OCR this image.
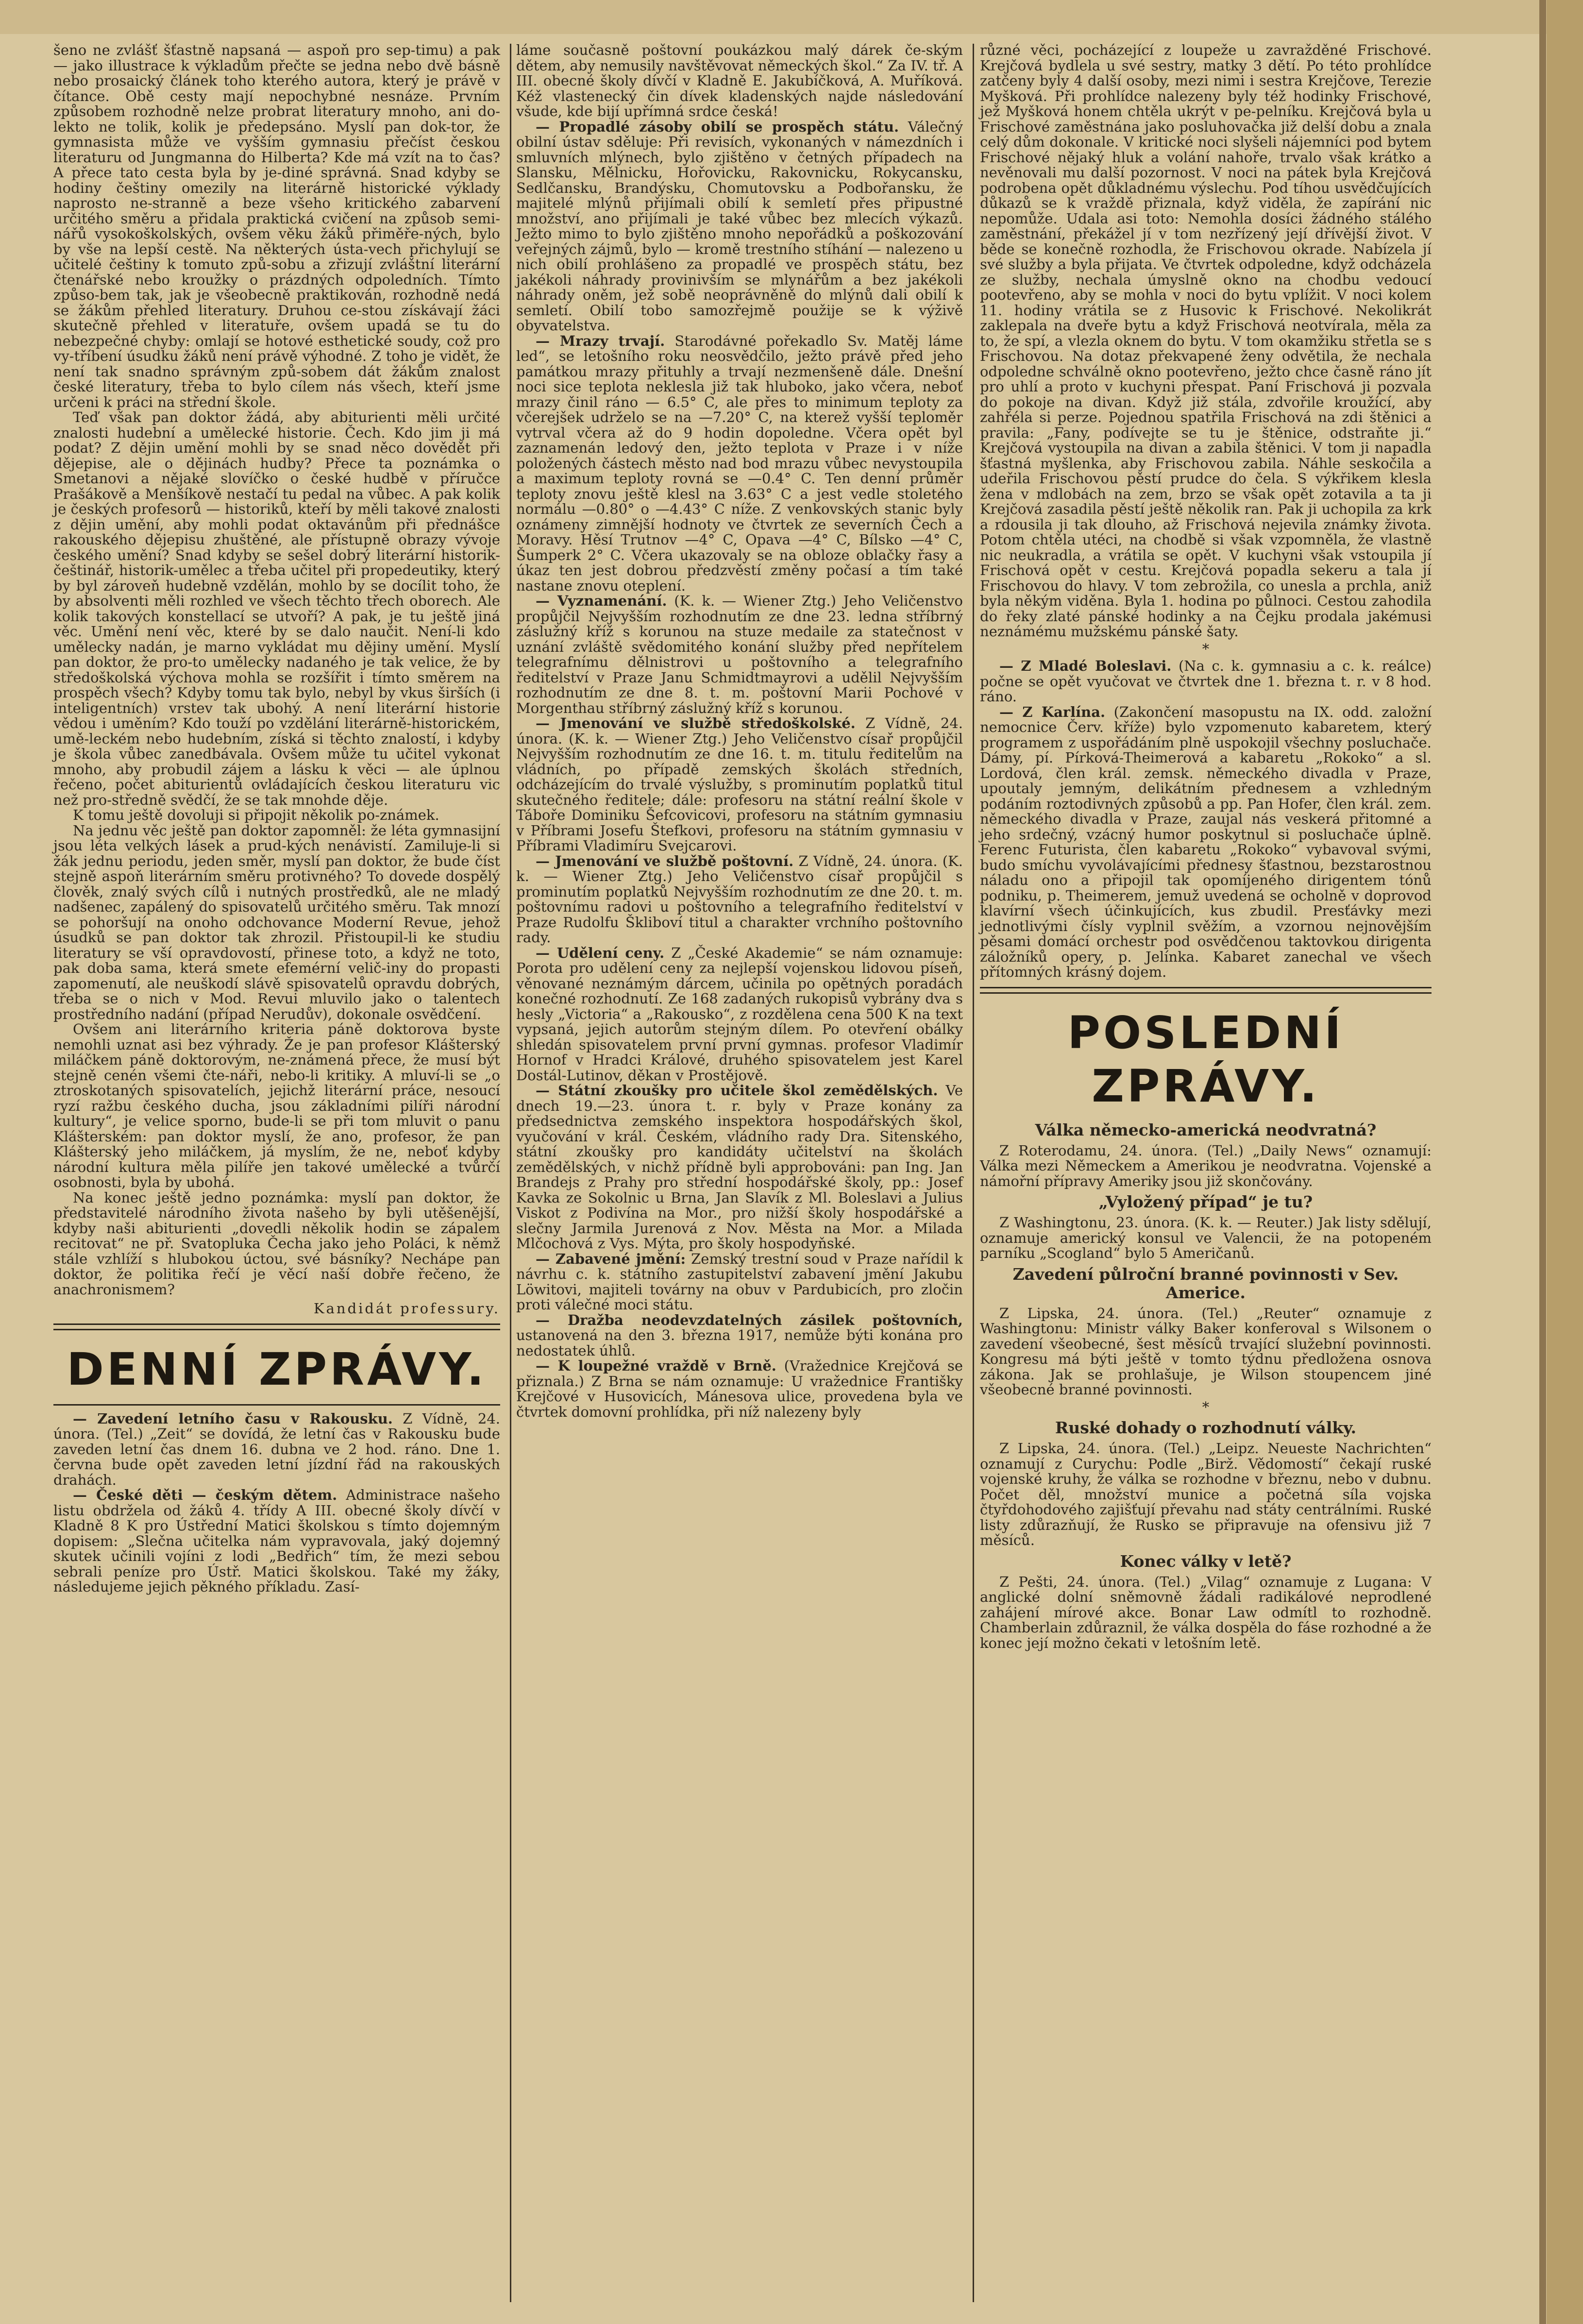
šeno ne zvlášť šťastně napsaná — aspoň pro sep-timu) a pak — jako illustrace k výkladům přečte se jedna nebo dvě básně nebo prosaický článek toho kterého autora, který je právě v čítance. Obě cesty mají nepochybné nesnáze. Prvním způsobem rozhodně nelze probrat literatury mnoho, ani do-lekto ne tolik, kolik je předepsáno. Myslí pan dok-tor, že gymnasista může ve vyšším gymnasiu přečíst českou literaturu od Jungmanna do Hilberta? Kde má vzít na to čas? A přece tato cesta byla by je-diné správná. Snad kdyby se hodiny češtiny omezily na literárně historické výklady naprosto ne-stranně a beze všeho kritického zabarvení určitého směru a přidala praktická cvičení na způsob semi-nářů vysokoškolských, ovšem věku žáků přiměře-ných, bylo by vše na lepší cestě. Na některých ústa-vech přichylují se učitelé češtiny k tomuto způ-sobu a zřizují zvláštní literární čtenářské nebo kroužky o prázdných odpoledních. Tímto způso-bem tak, jak je všeobecně praktikován, rozhodně nedá se žákům přehled literatury. Druhou ce-stou získávají žáci skutečně přehled v literatuře, ovšem upadá se tu do nebezpečné chyby: omlají se hotové esthetické soudy, což pro vy-tříbení úsudku žáků není právě výhodné. Z toho je vidět, že není tak snadno správným způ-sobem dát žákům znalost české literatury, třeba to bylo cílem nás všech, kteří jsme určeni k práci na střední škole.

Teď však pan doktor žádá, aby abiturienti měli určité znalosti hudební a umělecké historie. Čech. Kdo jim ji má podat? Z dějin umění mohli by se snad něco dovědět při dějepise, ale o dějinách hudby? Přece ta poznámka o Smetanovi a nějaké slovíčko o české hudbě v příručce Prašákově a Menšíkově nestačí tu pedal na vůbec. A pak kolik je českých profesorů — historiků, kteří by měli takové znalosti z dějin umění, aby mohli podat oktavánům při přednášce rakouského dějepisu zhuštěné, ale přístupně obrazy vývoje českého umění? Snad kdyby se sešel dobrý literární historik-češtinář, historik-umělec a třeba učitel při propedeutiky, který by byl zároveň hudebně vzdělán, mohlo by se docílit toho, že by absolventi měli rozhled ve všech těchto třech oborech. Ale kolik takových konstellací se utvoří? A pak, je tu ještě jiná věc. Umění není věc, které by se dalo naučit. Není-li kdo umělecky nadán, je marno vykládat mu dějiny umění. Myslí pan doktor, že pro-to umělecky nadaného je tak velice, že by středoškolská výchova mohla se rozšířit i tímto směrem na prospěch všech? Kdyby tomu tak bylo, nebyl by vkus širších (i inteligentních) vrstev tak ubohý. A není literární historie vědou i uměním? Kdo touží po vzdělání literárně-historickém, umě-leckém nebo hudebním, získá si těchto znalostí, i kdyby je škola vůbec zanedbávala. Ovšem může tu učitel vykonat mnoho, aby probudil zájem a lásku k věci — ale úplnou řečeno, počet abiturientů ovládajících českou literaturu vic než pro-středně svědčí, že se tak mnohde děje.

K tomu ještě dovoluji si připojit několik po-známek.

Na jednu věc ještě pan doktor zapomněl: že léta gymnasijní jsou léta velkých lásek a prud-kých nenávistí. Zamiluje-li si žák jednu periodu, jeden směr, myslí pan doktor, že bude číst stejně aspoň literárním směru protivného? To dovede dospělý člověk, znalý svých cílů i nutných prostředků, ale ne mladý nadšenec, zapálený do spisovatelů určitého směru. Tak mnozí se pohoršují na onoho odchovance Moderní Revue, jehož úsudků se pan doktor tak zhrozil. Přistoupil-li ke studiu literatury se vší opravdovostí, přinese toto, a když ne toto, pak doba sama, která smete efemérní velič-iny do propasti zapomenutí, ale neuškodí slávě spisovatelů opravdu dobrých, třeba se o nich v Mod. Revui mluvilo jako o talentech prostředního nadání (případ Nerudův), dokonale osvědčení.

Ovšem ani literárního kriteria páně doktorova byste nemohli uznat asi bez výhrady. Že je pan profesor Klášterský miláčkem páně doktorovým, ne-známená přece, že musí být stejně cenén všemi čte-náři, nebo-li kritiky. A mluví-li se „o ztroskotaných spisovatelích, jejichž literární práce, nesoucí ryzí ražbu českého ducha, jsou základními pilíři národní kultury“, je velice sporno, bude-li se při tom mluvit o panu Klášterském: pan doktor myslí, že ano, profesor, že pan Klášterský jeho miláčkem, já myslím, že ne, neboť kdyby národní kultura měla pilíře jen takové umělecké a tvůrčí osobnosti, byla by ubohá.

Na konec ještě jedno poznámka: myslí pan doktor, že představitelé národního života našeho by byli utěšenější, kdyby naši abiturienti „dovedli několik hodin se zápalem recitovat“ ne př. Svatopluka Čecha jako jeho Poláci, k němž stále vzhlíží s hlubokou úctou, své básníky? Nechápe pan doktor, že politika řečí je věcí naší dobře řečeno, že anachronismem?

Kandidát professury.
DENNÍ ZPRÁVY.

— Zavedení letního času v Rakousku. Z Vídně, 24. února. (Tel.) „Zeit“ se dovídá, že letní čas v Rakousku bude zaveden letní čas dnem 16. dubna ve 2 hod. ráno. Dne 1. června bude opět zaveden letní jízdní řád na rakouských drahách.

— České děti — českým dětem. Administrace našeho listu obdržela od žáků 4. třídy A III. obecné školy dívčí v Kladně 8 K pro Ústřední Matici školskou s tímto dojemným dopisem: „Slečna učitelka nám vypravovala, jaký dojemný skutek učinili vojíni z lodi „Bedřich“ tím, že mezi sebou sebrali peníze pro Ústř. Matici školskou. Také my žáky, následujeme jejich pěkného příkladu. Zasí-

láme současně poštovní poukázkou malý dárek če-ským dětem, aby nemusily navštěvovat německých škol.“ Za IV. tř. A III. obecné školy dívčí v Kladně E. Jakubíčková, A. Muříková. Kéž vlastenecký čin dívek kladenských najde následování všude, kde bijí upřímná srdce česká!

— Propadlé zásoby obilí se prospěch státu. Válečný obilní ústav sděluje: Při revisích, vykonaných v námezdních i smluvních mlýnech, bylo zjištěno v četných případech na Slansku, Mělnicku, Hořovicku, Rakovnicku, Rokycansku, Sedlčansku, Brandýsku, Chomutovsku a Podbořansku, že majitelé mlýnů přijímali obilí k semletí přes připustné množství, ano přijímali je také vůbec bez mlecích výkazů. Ježto mimo to bylo zjištěno mnoho nepořádků a poškozování veřejných zájmů, bylo — kromě trestního stíhání — nalezeno u nich obilí prohlášeno za propadlé ve prospěch státu, bez jakékoli náhrady provinivším se mlynářům a bez jakékoli náhrady oněm, jež sobě neoprávněně do mlýnů dali obilí k semletí. Obilí tobo samozřejmě použije se k výživě obyvatelstva.

— Mrazy trvají. Starodávné pořekadlo Sv. Matěj láme led“, se letošního roku neosvědčilo, ježto právě před jeho památkou mrazy přituhly a trvají nezmenšeně dále. Dnešní noci sice teplota neklesla již tak hluboko, jako včera, neboť mrazy činil ráno — 6.5° C, ale přes to minimum teploty za včerejšek udrželo se na —7.20° C, na kterež vyšší teploměr vytrval včera až do 9 hodin dopoledne. Včera opět byl zaznamenán ledový den, ježto teplota v Praze i v níže položených částech město nad bod mrazu vůbec nevystoupila a maximum teploty rovná se —0.4° C. Ten denní průměr teploty znovu ještě klesl na 3.63° C a jest vedle stoletého normálu —0.80° o —4.43° C níže. Z venkovských stanic byly oznámeny zimnější hodnoty ve čtvrtek ze severních Čech a Moravy. Hěsí Trutnov —4° C, Opava —4° C, Bílsko —4° C, Šumperk 2° C. Včera ukazovaly se na obloze oblačky řasy a úkaz ten jest dobrou předzvěstí změny počasí a tím také nastane znovu oteplení.

— Vyznamenání. (K. k. — Wiener Ztg.) Jeho Veličenstvo propůjčil Nejvyšším rozhodnutím ze dne 23. ledna stříbrný záslužný kříž s korunou na stuze medaile za statečnost v uznání zvláště svědomitého konání služby před nepřítelem telegrafnímu dělnistrovi u poštovního a telegrafního ředitelství v Praze Janu Schmidtmayrovi a udělil Nejvyšším rozhodnutím ze dne 8. t. m. poštovní Marii Pochové v Morgenthau stříbrný záslužný kříž s korunou.

— Jmenování ve službě středoškolské. Z Vídně, 24. února. (K. k. — Wiener Ztg.) Jeho Veličenstvo císař propůjčil Nejvyšším rozhodnutím ze dne 16. t. m. titulu ředitelům na vládních, po případě zemských školách středních, odcházejícím do trvalé výslužby, s prominutím poplatků titul skutečného ředitele; dále: profesoru na státní reální škole v Táboře Dominiku Šefcovicovi, profesoru na státním gymnasiu v Příbrami Josefu Štefkovi, profesoru na státním gymnasiu v Příbrami Vladimíru Svejcarovi.

— Jmenování ve službě poštovní. Z Vídně, 24. února. (K. k. — Wiener Ztg.) Jeho Veličenstvo císař propůjčil s prominutím poplatků Nejvyšším rozhodnutím ze dne 20. t. m. poštovnímu radovi u poštovního a telegrafního ředitelství v Praze Rudolfu Škliboví titul a charakter vrchního poštovního rady.

— Udělení ceny. Z „České Akademie“ se nám oznamuje: Porota pro udělení ceny za nejlepší vojenskou lidovou píseň, věnované neznámým dárcem, učinila po opětných poradách konečné rozhodnutí. Ze 168 zadaných rukopisů vybrány dva s hesly „Victoria“ a „Rakousko“, z rozdělena cena 500 K na text vypsaná, jejich autorům stejným dílem. Po otevření obálky shledán spisovatelem první první gymnas. profesor Vladimír Hornof v Hradci Králové, druhého spisovatelem jest Karel Dostál-Lutinov, děkan v Prostějově.

— Státní zkoušky pro učitele škol zemědělských. Ve dnech 19.—23. února t. r. byly v Praze konány za předsednictva zemského inspektora hospodářských škol, vyučování v král. Českém, vládního rady Dra. Sitenského, státní zkoušky pro kandidáty učitelství na školách zemědělských, v nichž přídně byli approbováni: pan Ing. Jan Brandejs z Prahy pro střední hospodářské školy, pp.: Josef Kavka ze Sokolnic u Brna, Jan Slavík z Ml. Boleslavi a Julius Viskot z Podivína na Mor., pro nižší školy hospodářské a slečny Jarmila Jurenová z Nov. Města na Mor. a Milada Mlčochová z Vys. Mýta, pro školy hospodyňské.

— Zabavené jmění: Zemský trestní soud v Praze nařídil k návrhu c. k. státního zastupitelství zabavení jmění Jakubu Löwitovi, majiteli továrny na obuv v Pardubicích, pro zločin proti válečné moci státu.

— Dražba neodevzdatelných zásilek poštovních, ustanovená na den 3. března 1917, nemůže býti konána pro nedostatek úhlů.

— K loupežné vraždě v Brně. (Vražednice Krejčová se přiznala.) Z Brna se nám oznamuje: U vražednice Františky Krejčové v Husovicích, Mánesova ulice, provedena byla ve čtvrtek domovní prohlídka, při níž nalezeny byly

různé věci, pocházející z loupeže u zavražděné Frischové. Krejčová bydlela u své sestry, matky 3 dětí. Po této prohlídce zatčeny byly 4 další osoby, mezi nimi i sestra Krejčove, Terezie Myšková. Při prohlídce nalezeny byly též hodinky Frischové, jež Myšková honem chtěla ukrýt v pe-pelníku. Krejčová byla u Frischové zaměstnána jako posluhovačka již delší dobu a znala celý dům dokonale. V kritické noci slyšeli nájemníci pod bytem Frischové nějaký hluk a volání nahoře, trvalo však krátko a nevěnovali mu další pozornost. V noci na pátek byla Krejčová podrobena opět důkladnému výslechu. Pod tíhou usvědčujících důkazů se k vraždě přiznala, když viděla, že zapírání nic nepomůže. Udala asi toto: Nemohla dosíci žádného stálého zaměstnání, překážel jí v tom nezřízený její dřívější život. V běde se konečně rozhodla, že Frischovou okrade. Nabízela jí své služby a byla přijata. Ve čtvrtek odpoledne, když odcházela ze služby, nechala úmyslně okno na chodbu vedoucí pootevřeno, aby se mohla v noci do bytu vplížit. V noci kolem 11. hodiny vrátila se z Husovic k Frischové. Nekolikrát zaklepala na dveře bytu a když Frischová neotvírala, měla za to, že spí, a vlezla oknem do bytu. V tom okamžiku střetla se s Frischovou. Na dotaz překvapené ženy odvětila, že nechala odpoledne schválně okno pootevřeno, ježto chce časně ráno jít pro uhlí a proto v kuchyni přespat. Paní Frischová ji pozvala do pokoje na divan. Když již stála, zdvořile kroužící, aby zahřéla si perze. Pojednou spatřila Frischová na zdi štěnici a pravila: „Fany, podívejte se tu je štěnice, odstraňte ji.“ Krejčová vystoupila na divan a zabila štěnici. V tom ji napadla šťastná myšlenka, aby Frischovou zabila. Náhle seskočila a udeřila Frischovou pěstí prudce do čela. S výkřikem klesla žena v mdlobách na zem, brzo se však opět zotavila a ta ji Krejčová zasadila pěstí ještě několik ran. Pak ji uchopila za krk a rdousila ji tak dlouho, až Frischová nejevila známky života. Potom chtěla utéci, na chodbě si však vzpomněla, že vlastně nic neukradla, a vrátila se opět. V kuchyni však vstoupila jí Frischová opět v cestu. Krejčová popadla sekeru a tala jí Frischovou do hlavy. V tom zebrožila, co unesla a prchla, aniž byla někým viděna. Byla 1. hodina po půlnoci. Cestou zahodila do řeky zlaté pánské hodinky a na Čejku prodala jakémusi neznámému mužskému pánské šaty.

*

— Z Mladé Boleslavi. (Na c. k. gymnasiu a c. k. reálce) počne se opět vyučovat ve čtvrtek dne 1. března t. r. v 8 hod. ráno.

— Z Karlína. (Zakončení masopustu na IX. odd. založní nemocnice Červ. kříže) bylo vzpomenuto kabaretem, který programem z uspořádáním plně uspokojil všechny posluchače. Dámy, pí. Pírková-Theimerová a kabaretu „Rokoko“ a sl. Lordová, člen král. zemsk. německého divadla v Praze, upoutaly jemným, delikátním přednesem a vzhledným podáním roztodivných způsobů a pp. Pan Hofer, člen král. zem. německého divadla v Praze, zaujal nás veskerá přitomné a jeho srdečný, vzácný humor poskytnul si posluchače úplně. Ferenc Futurista, člen kabaretu „Rokoko“ vybavoval svými, budo smíchu vyvolávajícími přednesy šťastnou, bezstarostnou náladu ono a připojil tak opomíjeného dirigentem tónů podniku, p. Theimerem, jemuž uvedená se ocholně v doprovod klavírní všech účinkujících, kus zbudil. Presťávky mezi jednotlivými čísly vyplnil svěžím, a vzornou nejnovějším pěsami domácí orchestr pod osvědčenou taktovkou dirigenta záložníků opery, p. Jelínka. Kabaret zanechal ve všech přítomných krásný dojem.

POSLEDNÍ ZPRÁVY.
Válka německo-americká neodvratná?

Z Roterodamu, 24. února. (Tel.) „Daily News“ oznamují: Válka mezi Německem a Amerikou je neodvratna. Vojenské a námořní přípravy Ameriky jsou již skončovány.

„Vyložený případ“ je tu?

Z Washingtonu, 23. února. (K. k. — Reuter.) Jak listy sdělují, oznamuje americký konsul ve Valencii, že na potopeném parníku „Scogland“ bylo 5 Američanů.

Zavedení půlroční branné povinnosti v Sev. Americe.

Z Lipska, 24. února. (Tel.) „Reuter“ oznamuje z Washingtonu: Ministr války Baker konferoval s Wilsonem o zavedení všeobecné, šest měsíců trvající služební povinnosti. Kongresu má býti ještě v tomto týdnu předložena osnova zákona. Jak se prohlašuje, je Wilson stoupencem jiné všeobecné branné povinnosti.

*
Ruské dohady o rozhodnutí války.

Z Lipska, 24. února. (Tel.) „Leipz. Neueste Nachrichten“ oznamují z Curychu: Podle „Birž. Vědomostí“ čekají ruské vojenské kruhy, že válka se rozhodne v březnu, nebo v dubnu. Počet děl, množství munice a početná síla vojska čtyřdohodového zajišťují převahu nad státy centrálními. Ruské listy zdůrazňují, že Rusko se připravuje na ofensivu již 7 měsíců.

Konec války v letě?

Z Pešti, 24. února. (Tel.) „Vilag“ oznamuje z Lugana: V anglické dolní sněmovně žádali radikálové neprodlené zahájení mírové akce. Bonar Law odmítl to rozhodně. Chamberlain zdůraznil, že válka dospěla do fáse rozhodné a že konec její možno čekati v letošním letě.
